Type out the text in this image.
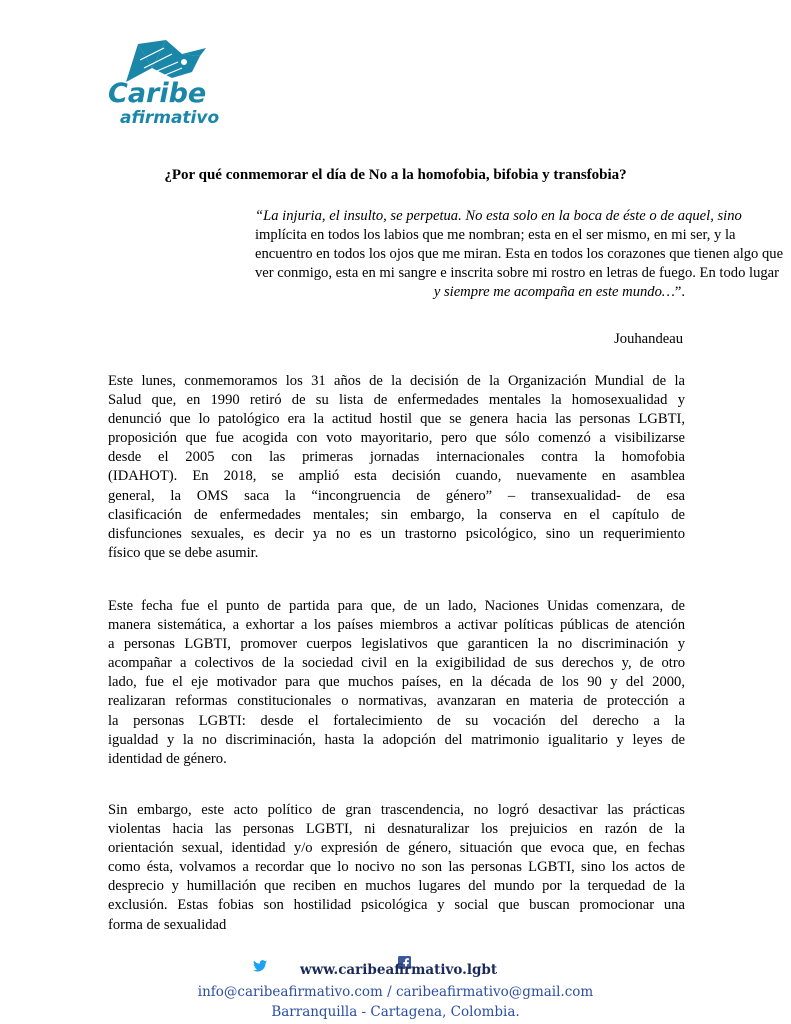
Caribe
afirmativo
¿Por qué conmemorar el día de No a la homofobia, bifobia y transfobia?
“La injuria, el insulto, se perpetua. No esta solo en la boca de éste o de aquel, sino
implícita en todos los labios que me nombran; esta en el ser mismo, en mi ser, y la
encuentro en todos los ojos que me miran. Esta en todos los corazones que tienen algo que
ver conmigo, esta en mi sangre e inscrita sobre mi rostro en letras de fuego. En todo lugar
y siempre me acompaña en este mundo…”.
Jouhandeau
Este lunes, conmemoramos los 31 años de la decisión de la Organización Mundial de la
Salud que, en 1990 retiró de su lista de enfermedades mentales la homosexualidad y
denunció que lo patológico era la actitud hostil que se genera hacia las personas LGBTI,
proposición que fue acogida con voto mayoritario, pero que sólo comenzó a visibilizarse
desde el 2005 con las primeras jornadas internacionales contra la homofobia
(IDAHOT). En 2018, se amplió esta decisión cuando, nuevamente en asamblea
general, la OMS saca la “incongruencia de género” – transexualidad- de esa
clasificación de enfermedades mentales; sin embargo, la conserva en el capítulo de
disfunciones sexuales, es decir ya no es un trastorno psicológico, sino un requerimiento
físico que se debe asumir.
Este fecha fue el punto de partida para que, de un lado, Naciones Unidas comenzara, de
manera sistemática, a exhortar a los países miembros a activar políticas públicas de atención
a personas LGBTI, promover cuerpos legislativos que garanticen la no discriminación y
acompañar a colectivos de la sociedad civil en la exigibilidad de sus derechos y, de otro
lado, fue el eje motivador para que muchos países, en la década de los 90 y del 2000,
realizaran reformas constitucionales o normativas, avanzaran en materia de protección a
la personas LGBTI: desde el fortalecimiento de su vocación del derecho a la
igualdad y la no discriminación, hasta la adopción del matrimonio igualitario y leyes de
identidad de género.
Sin embargo, este acto político de gran trascendencia, no logró desactivar las prácticas
violentas hacia las personas LGBTI, ni desnaturalizar los prejuicios en razón de la
orientación sexual, identidad y/o expresión de género, situación que evoca que, en fechas
como ésta, volvamos a recordar que lo nocivo no son las personas LGBTI, sino los actos de
desprecio y humillación que reciben en muchos lugares del mundo por la terquedad de la
exclusión. Estas fobias son hostilidad psicológica y social que buscan promocionar una
forma de sexualidad
www.caribeafirmativo.lgbt
info@caribeafirmativo.com / caribeafirmativo@gmail.com
Barranquilla - Cartagena, Colombia.
